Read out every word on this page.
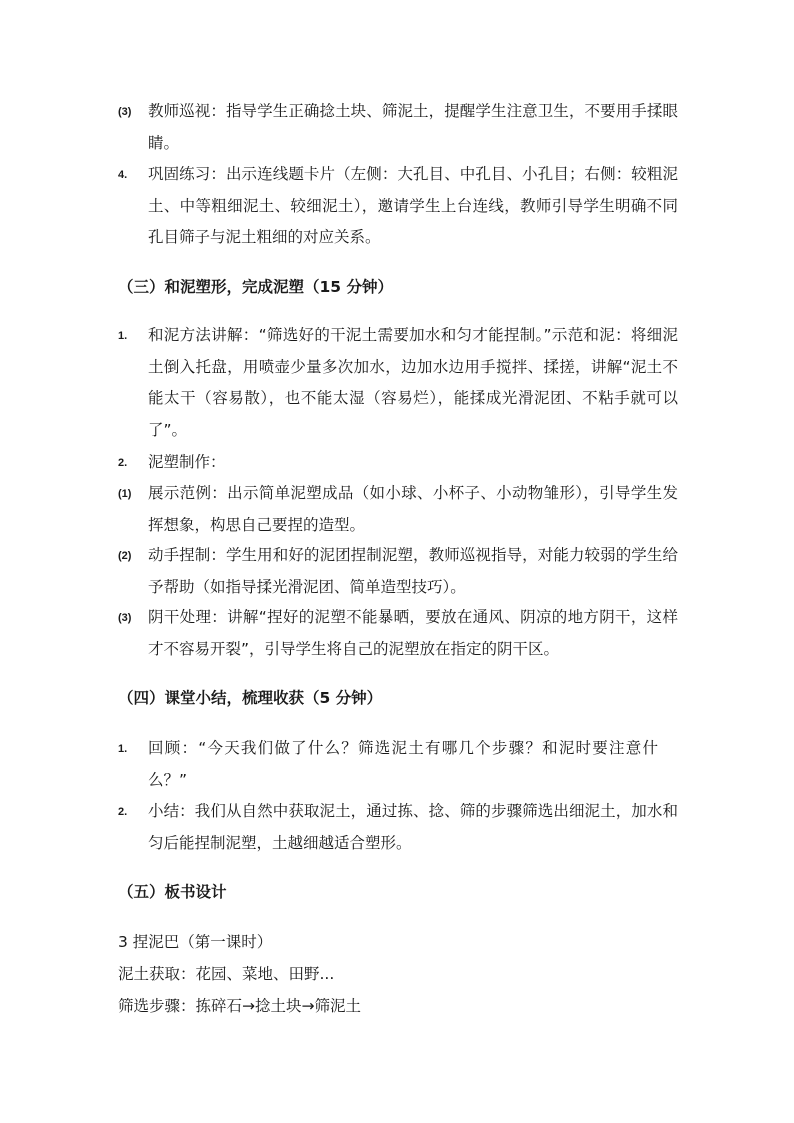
(3) 教师巡视：指导学生正确捻土块、筛泥土，提醒学生注意卫生，不要用手揉眼睛。
4. 巩固练习：出示连线题卡片（左侧：大孔目、中孔目、小孔目；右侧：较粗泥土、中等粗细泥土、较细泥土），邀请学生上台连线，教师引导学生明确不同孔目筛子与泥土粗细的对应关系。
（三）和泥塑形，完成泥塑（15 分钟）
1. 和泥方法讲解：“筛选好的干泥土需要加水和匀才能捏制。”示范和泥：将细泥土倒入托盘，用喷壶少量多次加水，边加水边用手搅拌、揉搓，讲解“泥土不能太干（容易散），也不能太湿（容易烂），能揉成光滑泥团、不粘手就可以了”。
2. 泥塑制作：
(1) 展示范例：出示简单泥塑成品（如小球、小杯子、小动物雏形），引导学生发挥想象，构思自己要捏的造型。
(2) 动手捏制：学生用和好的泥团捏制泥塑，教师巡视指导，对能力较弱的学生给予帮助（如指导揉光滑泥团、简单造型技巧）。
(3) 阴干处理：讲解“捏好的泥塑不能暴晒，要放在通风、阴凉的地方阴干，这样才不容易开裂”，引导学生将自己的泥塑放在指定的阴干区。
（四）课堂小结，梳理收获（5 分钟）
1. 回顾：“今天我们做了什么？筛选泥土有哪几个步骤？和泥时要注意什么？”
2. 小结：我们从自然中获取泥土，通过拣、捻、筛的步骤筛选出细泥土，加水和匀后能捏制泥塑，土越细越适合塑形。
（五）板书设计
3 捏泥巴（第一课时）
泥土获取：花园、菜地、田野...
筛选步骤：拣碎石→捻土块→筛泥土
